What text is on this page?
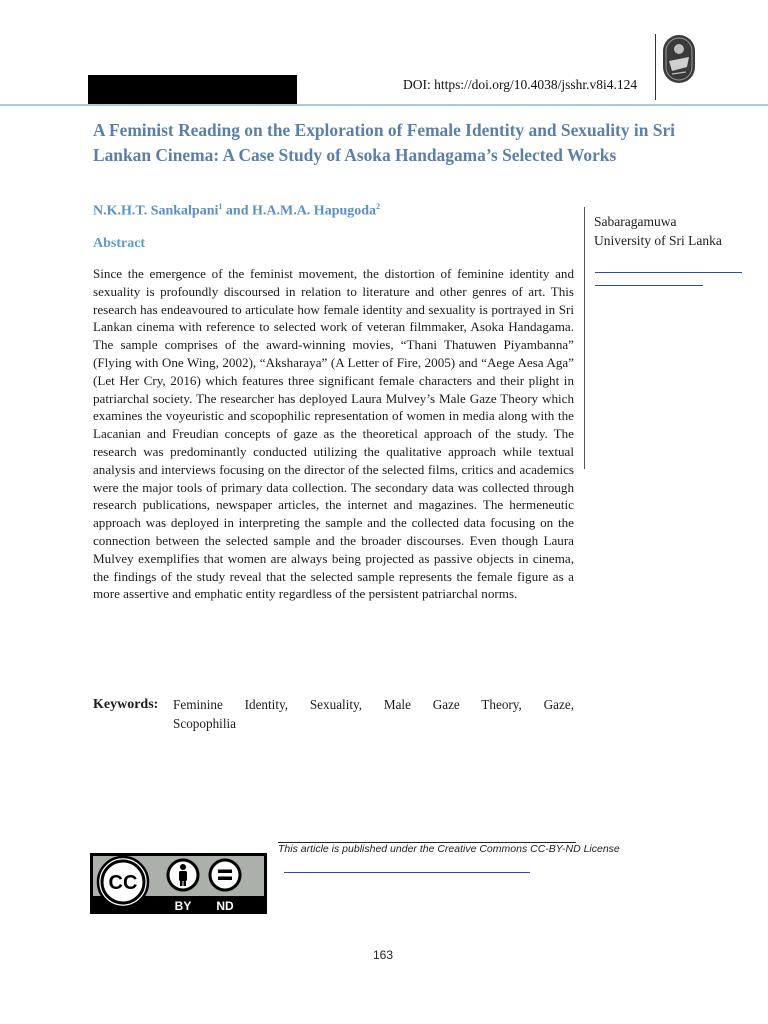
DOI: https://doi.org/10.4038/jsshr.v8i4.124
A Feminist Reading on the Exploration of Female Identity and Sexuality in Sri Lankan Cinema: A Case Study of Asoka Handagama’s Selected Works
N.K.H.T. Sankalpani$^1$ and H.A.M.A. Hapugoda$^2$
Abstract

Since the emergence of the feminist movement, the distortion of feminine identity and sexuality is profoundly discoursed in relation to literature and other genres of art. This research has endeavoured to articulate how female identity and sexuality is portrayed in Sri Lankan cinema with reference to selected work of veteran filmmaker, Asoka Handagama. The sample comprises of the award-winning movies, “Thani Thatuwen Piyambanna” (Flying with One Wing, 2002), “Aksharaya” (A Letter of Fire, 2005) and “Aege Aesa Aga” (Let Her Cry, 2016) which features three significant female characters and their plight in patriarchal society. The researcher has deployed Laura Mulvey’s Male Gaze Theory which examines the voyeuristic and scopophilic representation of women in media along with the Lacanian and Freudian concepts of gaze as the theoretical approach of the study. The research was predominantly conducted utilizing the qualitative approach while textual analysis and interviews focusing on the director of the selected films, critics and academics were the major tools of primary data collection. The secondary data was collected through research publications, newspaper articles, the internet and magazines. The hermeneutic approach was deployed in interpreting the sample and the collected data focusing on the connection between the selected sample and the broader discourses. Even though Laura Mulvey exemplifies that women are always being projected as passive objects in cinema, the findings of the study reveal that the selected sample represents the female figure as a more assertive and emphatic entity regardless of the persistent patriarchal norms.

Sabaragamuwa
University of Sri Lanka
Keywords:	Feminine Identity, Sexuality, Male Gaze Theory, Gaze,
Scopophilia
This article is published under the Creative Commons CC-BY-ND License
CC
BY ND
163
